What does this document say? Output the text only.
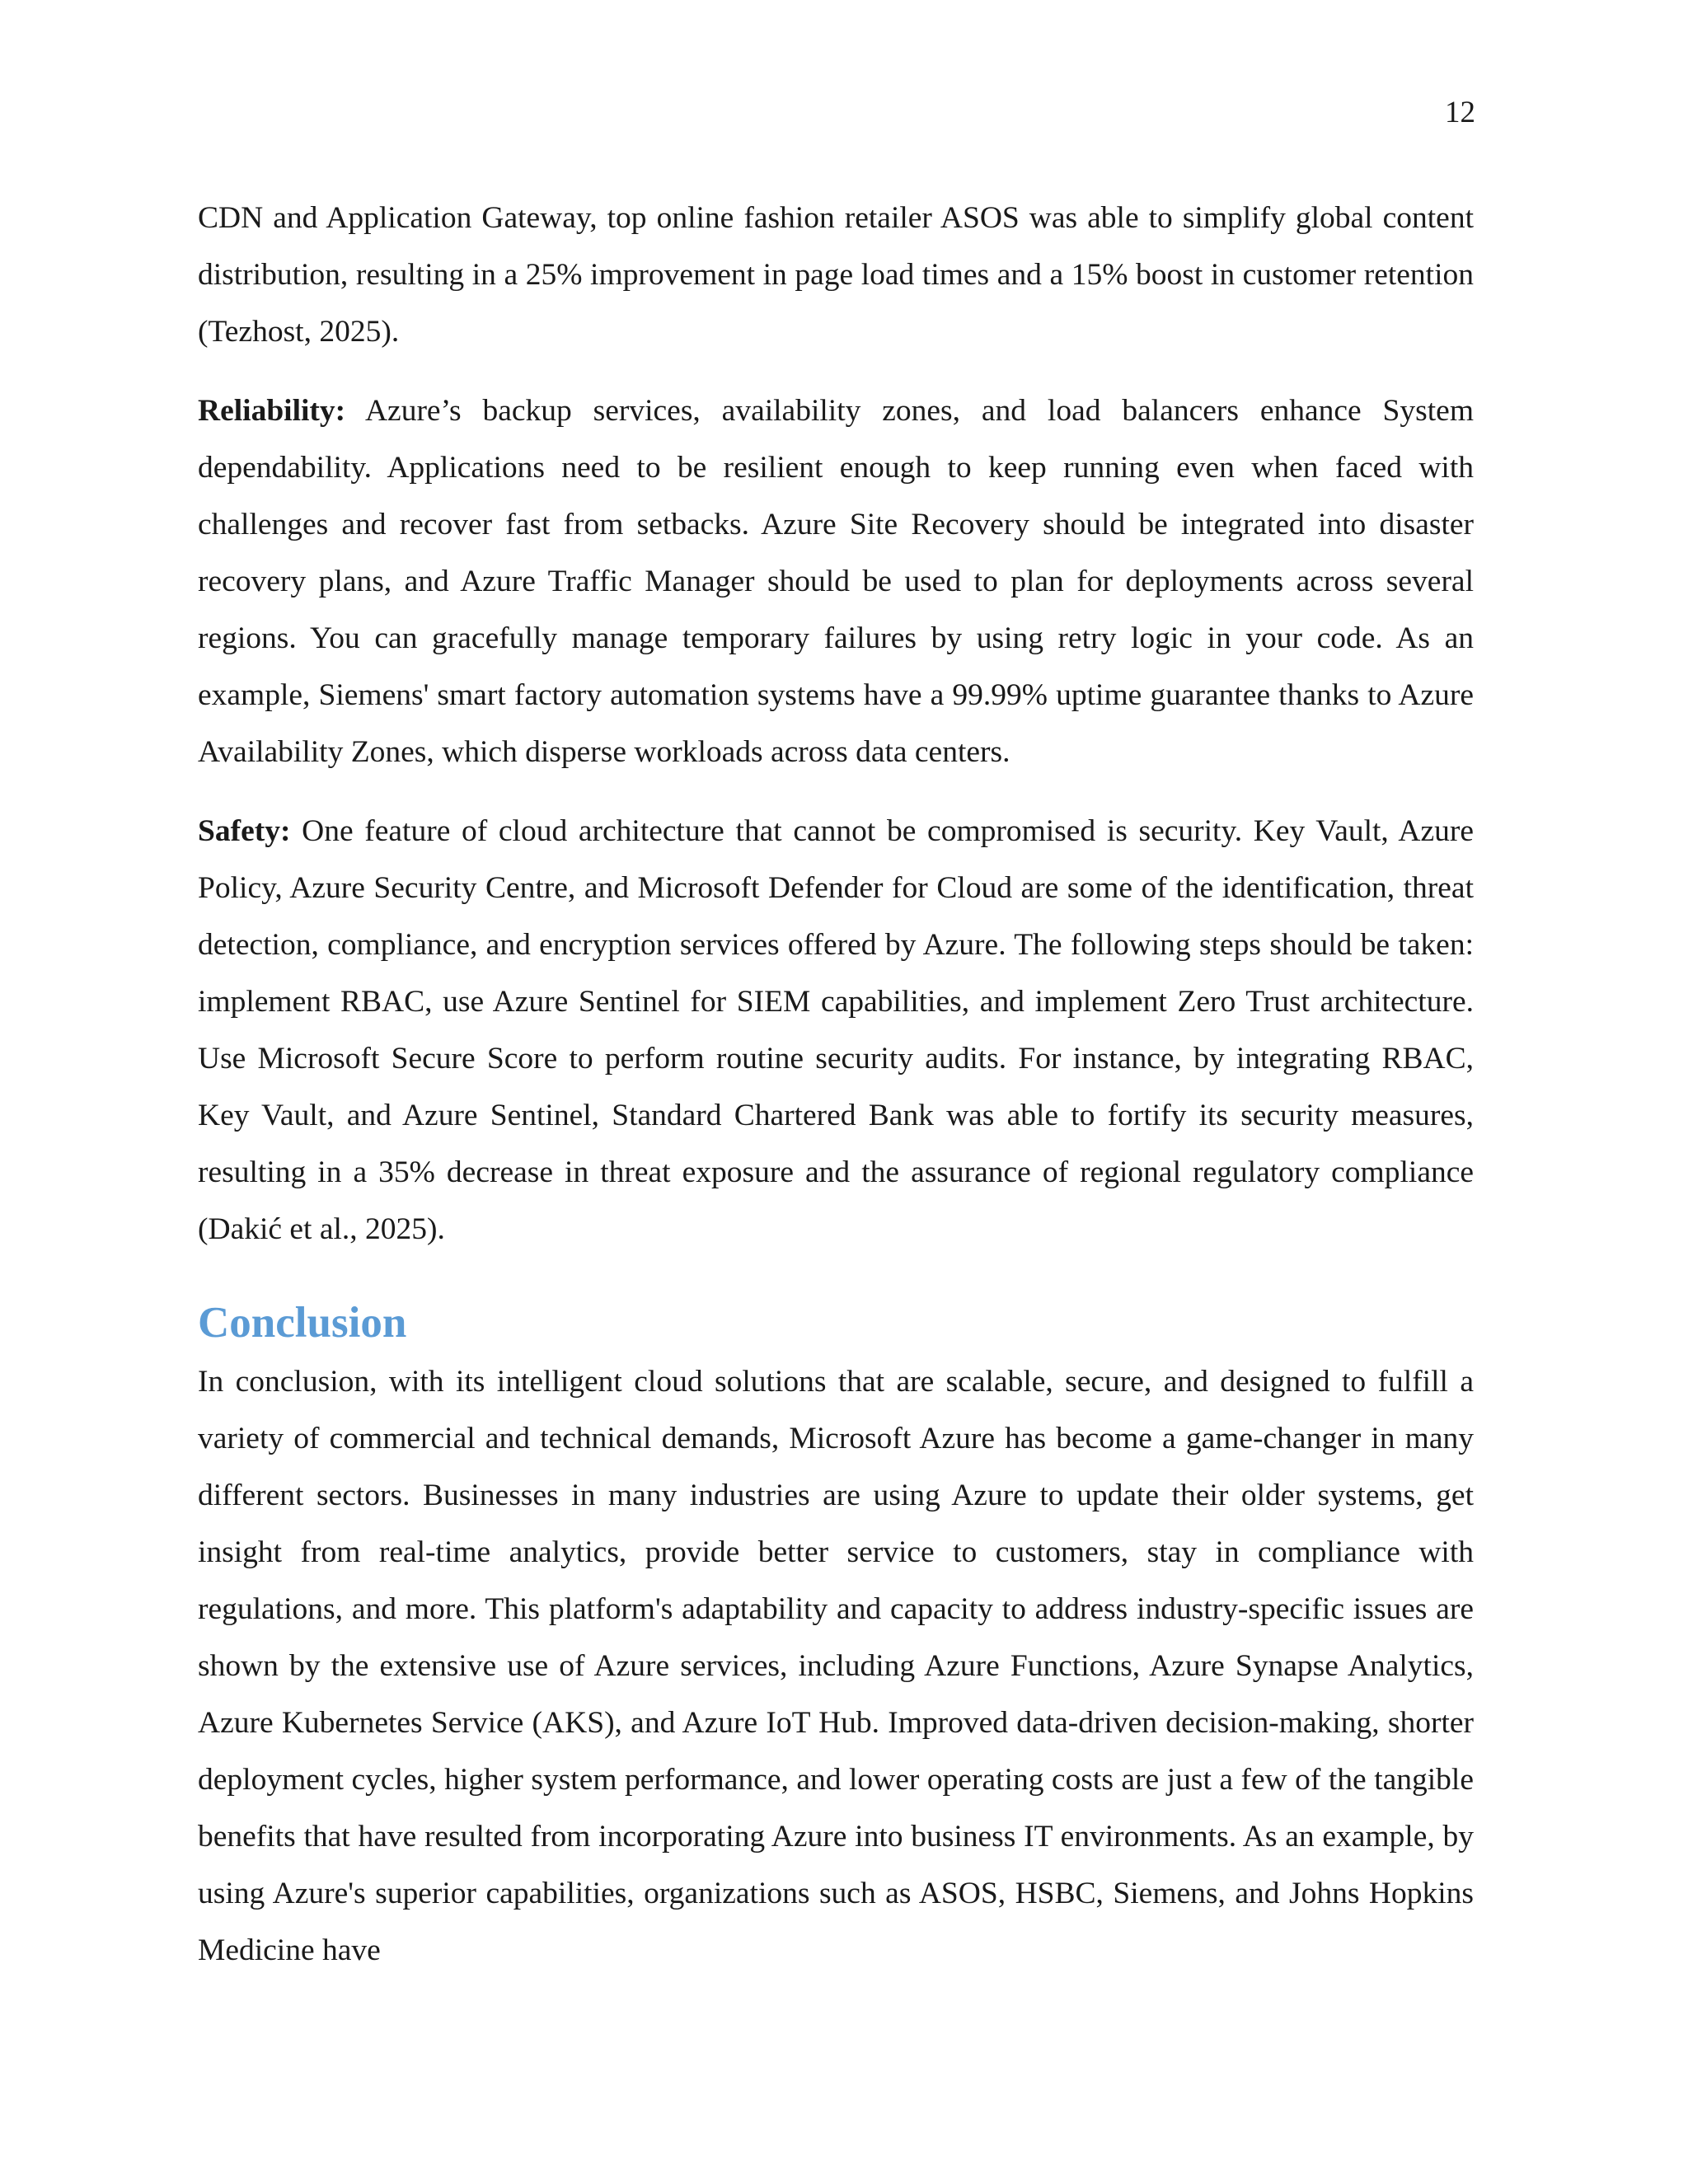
12

CDN and Application Gateway, top online fashion retailer ASOS was able to simplify global content distribution, resulting in a 25% improvement in page load times and a 15% boost in customer retention (Tezhost, 2025).

Reliability: Azure’s backup services, availability zones, and load balancers enhance System dependability. Applications need to be resilient enough to keep running even when faced with challenges and recover fast from setbacks. Azure Site Recovery should be integrated into disaster recovery plans, and Azure Traffic Manager should be used to plan for deployments across several regions. You can gracefully manage temporary failures by using retry logic in your code. As an example, Siemens' smart factory automation systems have a 99.99% uptime guarantee thanks to Azure Availability Zones, which disperse workloads across data centers.

Safety: One feature of cloud architecture that cannot be compromised is security. Key Vault, Azure Policy, Azure Security Centre, and Microsoft Defender for Cloud are some of the identification, threat detection, compliance, and encryption services offered by Azure. The following steps should be taken: implement RBAC, use Azure Sentinel for SIEM capabilities, and implement Zero Trust architecture. Use Microsoft Secure Score to perform routine security audits. For instance, by integrating RBAC, Key Vault, and Azure Sentinel, Standard Chartered Bank was able to fortify its security measures, resulting in a 35% decrease in threat exposure and the assurance of regional regulatory compliance (Dakić et al., 2025).

Conclusion

In conclusion, with its intelligent cloud solutions that are scalable, secure, and designed to fulfill a variety of commercial and technical demands, Microsoft Azure has become a game-changer in many different sectors. Businesses in many industries are using Azure to update their older systems, get insight from real-time analytics, provide better service to customers, stay in compliance with regulations, and more. This platform's adaptability and capacity to address industry-specific issues are shown by the extensive use of Azure services, including Azure Functions, Azure Synapse Analytics, Azure Kubernetes Service (AKS), and Azure IoT Hub. Improved data-driven decision-making, shorter deployment cycles, higher system performance, and lower operating costs are just a few of the tangible benefits that have resulted from incorporating Azure into business IT environments. As an example, by using Azure's superior capabilities, organizations such as ASOS, HSBC, Siemens, and Johns Hopkins Medicine have
